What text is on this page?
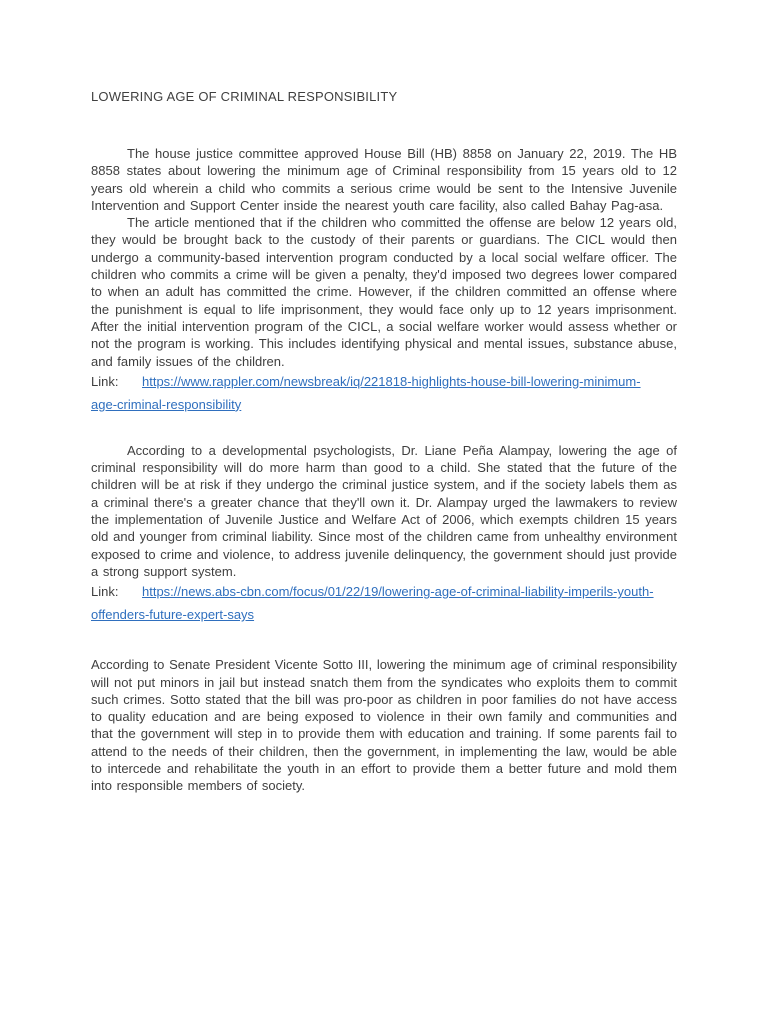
LOWERING AGE OF CRIMINAL RESPONSIBILITY

The house justice committee approved House Bill (HB) 8858 on January 22, 2019. The HB 8858 states about lowering the minimum age of Criminal responsibility from 15 years old to 12 years old wherein a child who commits a serious crime would be sent to the Intensive Juvenile Intervention and Support Center inside the nearest youth care facility, also called Bahay Pag-asa.

The article mentioned that if the children who committed the offense are below 12 years old, they would be brought back to the custody of their parents or guardians. The CICL would then undergo a community-based intervention program conducted by a local social welfare officer. The children who commits a crime will be given a penalty, they'd imposed two degrees lower compared to when an adult has committed the crime. However, if the children committed an offense where the punishment is equal to life imprisonment, they would face only up to 12 years imprisonment. After the initial intervention program of the CICL, a social welfare worker would assess whether or not the program is working. This includes identifying physical and mental issues, substance abuse, and family issues of the children.

Link: https://www.rappler.com/newsbreak/iq/221818-highlights-house-bill-lowering-minimum-
age-criminal-responsibility

According to a developmental psychologists, Dr. Liane Peña Alampay, lowering the age of criminal responsibility will do more harm than good to a child. She stated that the future of the children will be at risk if they undergo the criminal justice system, and if the society labels them as a criminal there's a greater chance that they'll own it. Dr. Alampay urged the lawmakers to review the implementation of Juvenile Justice and Welfare Act of 2006, which exempts children 15 years old and younger from criminal liability. Since most of the children came from unhealthy environment exposed to crime and violence, to address juvenile delinquency, the government should just provide a strong support system.

Link: https://news.abs-cbn.com/focus/01/22/19/lowering-age-of-criminal-liability-imperils-youth-
offenders-future-expert-says

According to Senate President Vicente Sotto III, lowering the minimum age of criminal responsibility will not put minors in jail but instead snatch them from the syndicates who exploits them to commit such crimes. Sotto stated that the bill was pro-poor as children in poor families do not have access to quality education and are being exposed to violence in their own family and communities and that the government will step in to provide them with education and training. If some parents fail to attend to the needs of their children, then the government, in implementing the law, would be able to intercede and rehabilitate the youth in an effort to provide them a better future and mold them into responsible members of society.
